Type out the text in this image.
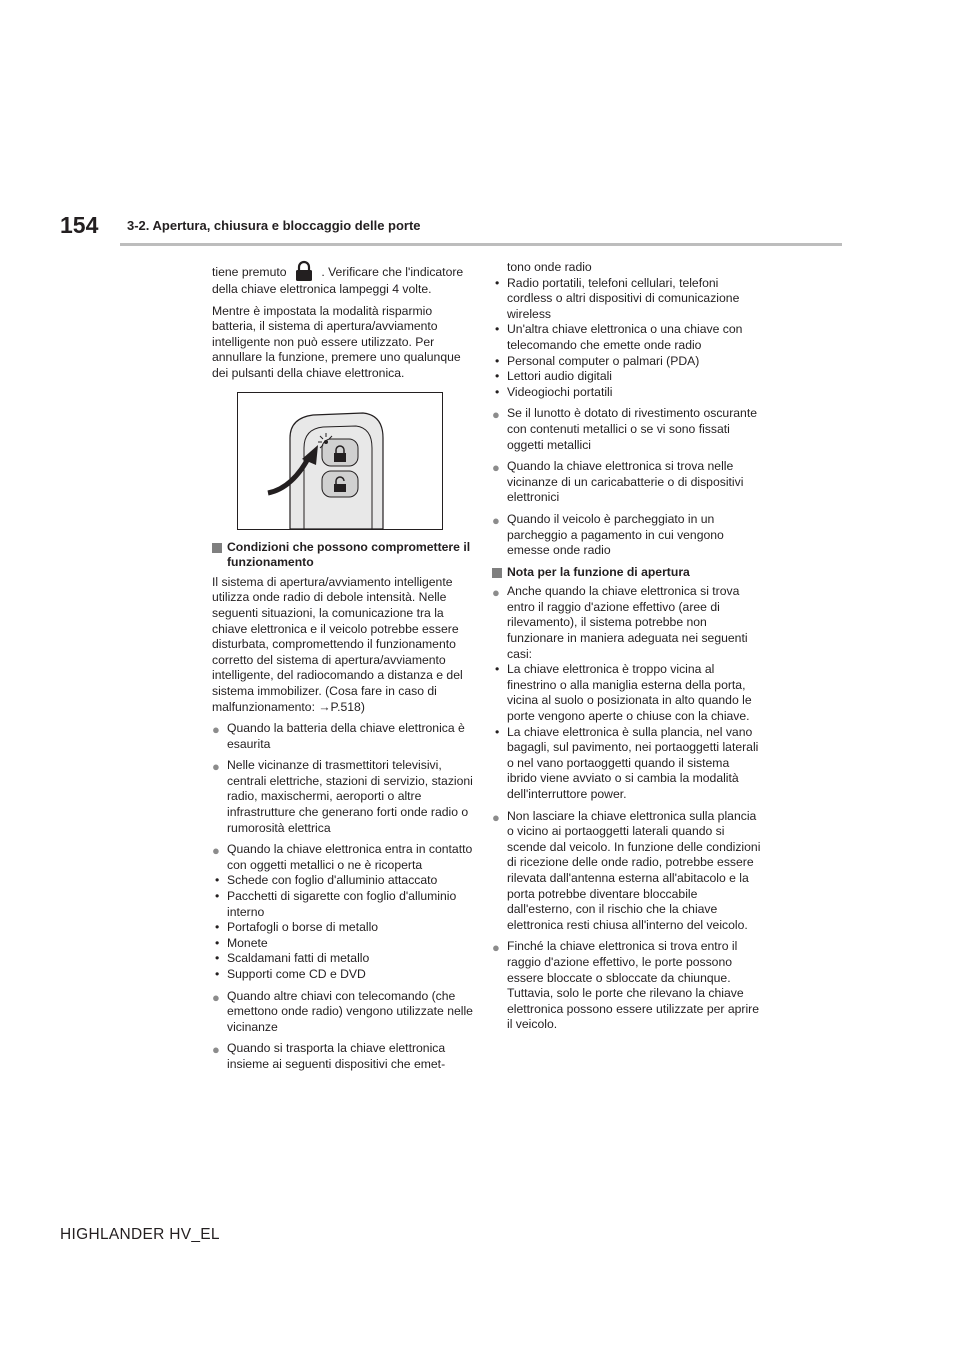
154 3-2. Apertura, chiusura e bloccaggio delle porte

tiene premuto	. Verificare che l'indicatore della chiave elettronica lampeggi 4 volte.

Mentre è impostata la modalità risparmio batteria, il sistema di apertura/avviamento intelligente non può essere utilizzato. Per annullare la funzione, premere uno qualunque dei pulsanti della chiave elettronica.

Condizioni che possono compromettere il funzionamento

Il sistema di apertura/avviamento intelligente utilizza onde radio di debole intensità. Nelle seguenti situazioni, la comunicazione tra la chiave elettronica e il veicolo potrebbe essere disturbata, compromettendo il funzionamento corretto del sistema di apertura/avviamento intelligente, del radiocomando a distanza e del sistema immobilizer. (Cosa fare in caso di malfunzionamento: →P.518)

● Quando la batteria della chiave elettronica è esaurita
● Nelle vicinanze di trasmettitori televisivi, centrali elettriche, stazioni di servizio, stazioni radio, maxischermi, aeroporti o altre infrastrutture che generano forti onde radio o rumorosità elettrica
● Quando la chiave elettronica entra in contatto con oggetti metallici o ne è ricoperta
• Schede con foglio d'alluminio attaccato
• Pacchetti di sigarette con foglio d'alluminio interno
• Portafogli o borse di metallo
• Monete
• Scaldamani fatti di metallo
• Supporti come CD e DVD
● Quando altre chiavi con telecomando (che emettono onde radio) vengono utilizzate nelle vicinanze
● Quando si trasporta la chiave elettronica insieme ai seguenti dispositivi che emet-

tono onde radio

• Radio portatili, telefoni cellulari, telefoni cordless o altri dispositivi di comunicazione wireless
• Un'altra chiave elettronica o una chiave con telecomando che emette onde radio
• Personal computer o palmari (PDA)
• Lettori audio digitali
• Videogiochi portatili
● Se il lunotto è dotato di rivestimento oscurante con contenuti metallici o se vi sono fissati oggetti metallici
● Quando la chiave elettronica si trova nelle vicinanze di un caricabatterie o di dispositivi elettronici
● Quando il veicolo è parcheggiato in un parcheggio a pagamento in cui vengono emesse onde radio
Nota per la funzione di apertura
● Anche quando la chiave elettronica si trova entro il raggio d'azione effettivo (aree di rilevamento), il sistema potrebbe non funzionare in maniera adeguata nei seguenti casi:
• La chiave elettronica è troppo vicina al finestrino o alla maniglia esterna della porta, vicina al suolo o posizionata in alto quando le porte vengono aperte o chiuse con la chiave.
• La chiave elettronica è sulla plancia, nel vano bagagli, sul pavimento, nei portaoggetti laterali o nel vano portaoggetti quando il sistema ibrido viene avviato o si cambia la modalità dell'interruttore power.
● Non lasciare la chiave elettronica sulla plancia o vicino ai portaoggetti laterali quando si scende dal veicolo. In funzione delle condizioni di ricezione delle onde radio, potrebbe essere rilevata dall'antenna esterna all'abitacolo e la porta potrebbe diventare bloccabile dall'esterno, con il rischio che la chiave elettronica resti chiusa all'interno del veicolo.
● Finché la chiave elettronica si trova entro il raggio d'azione effettivo, le porte possono essere bloccate o sbloccate da chiunque. Tuttavia, solo le porte che rilevano la chiave elettronica possono essere utilizzate per aprire il veicolo.
HIGHLANDER HV_EL
